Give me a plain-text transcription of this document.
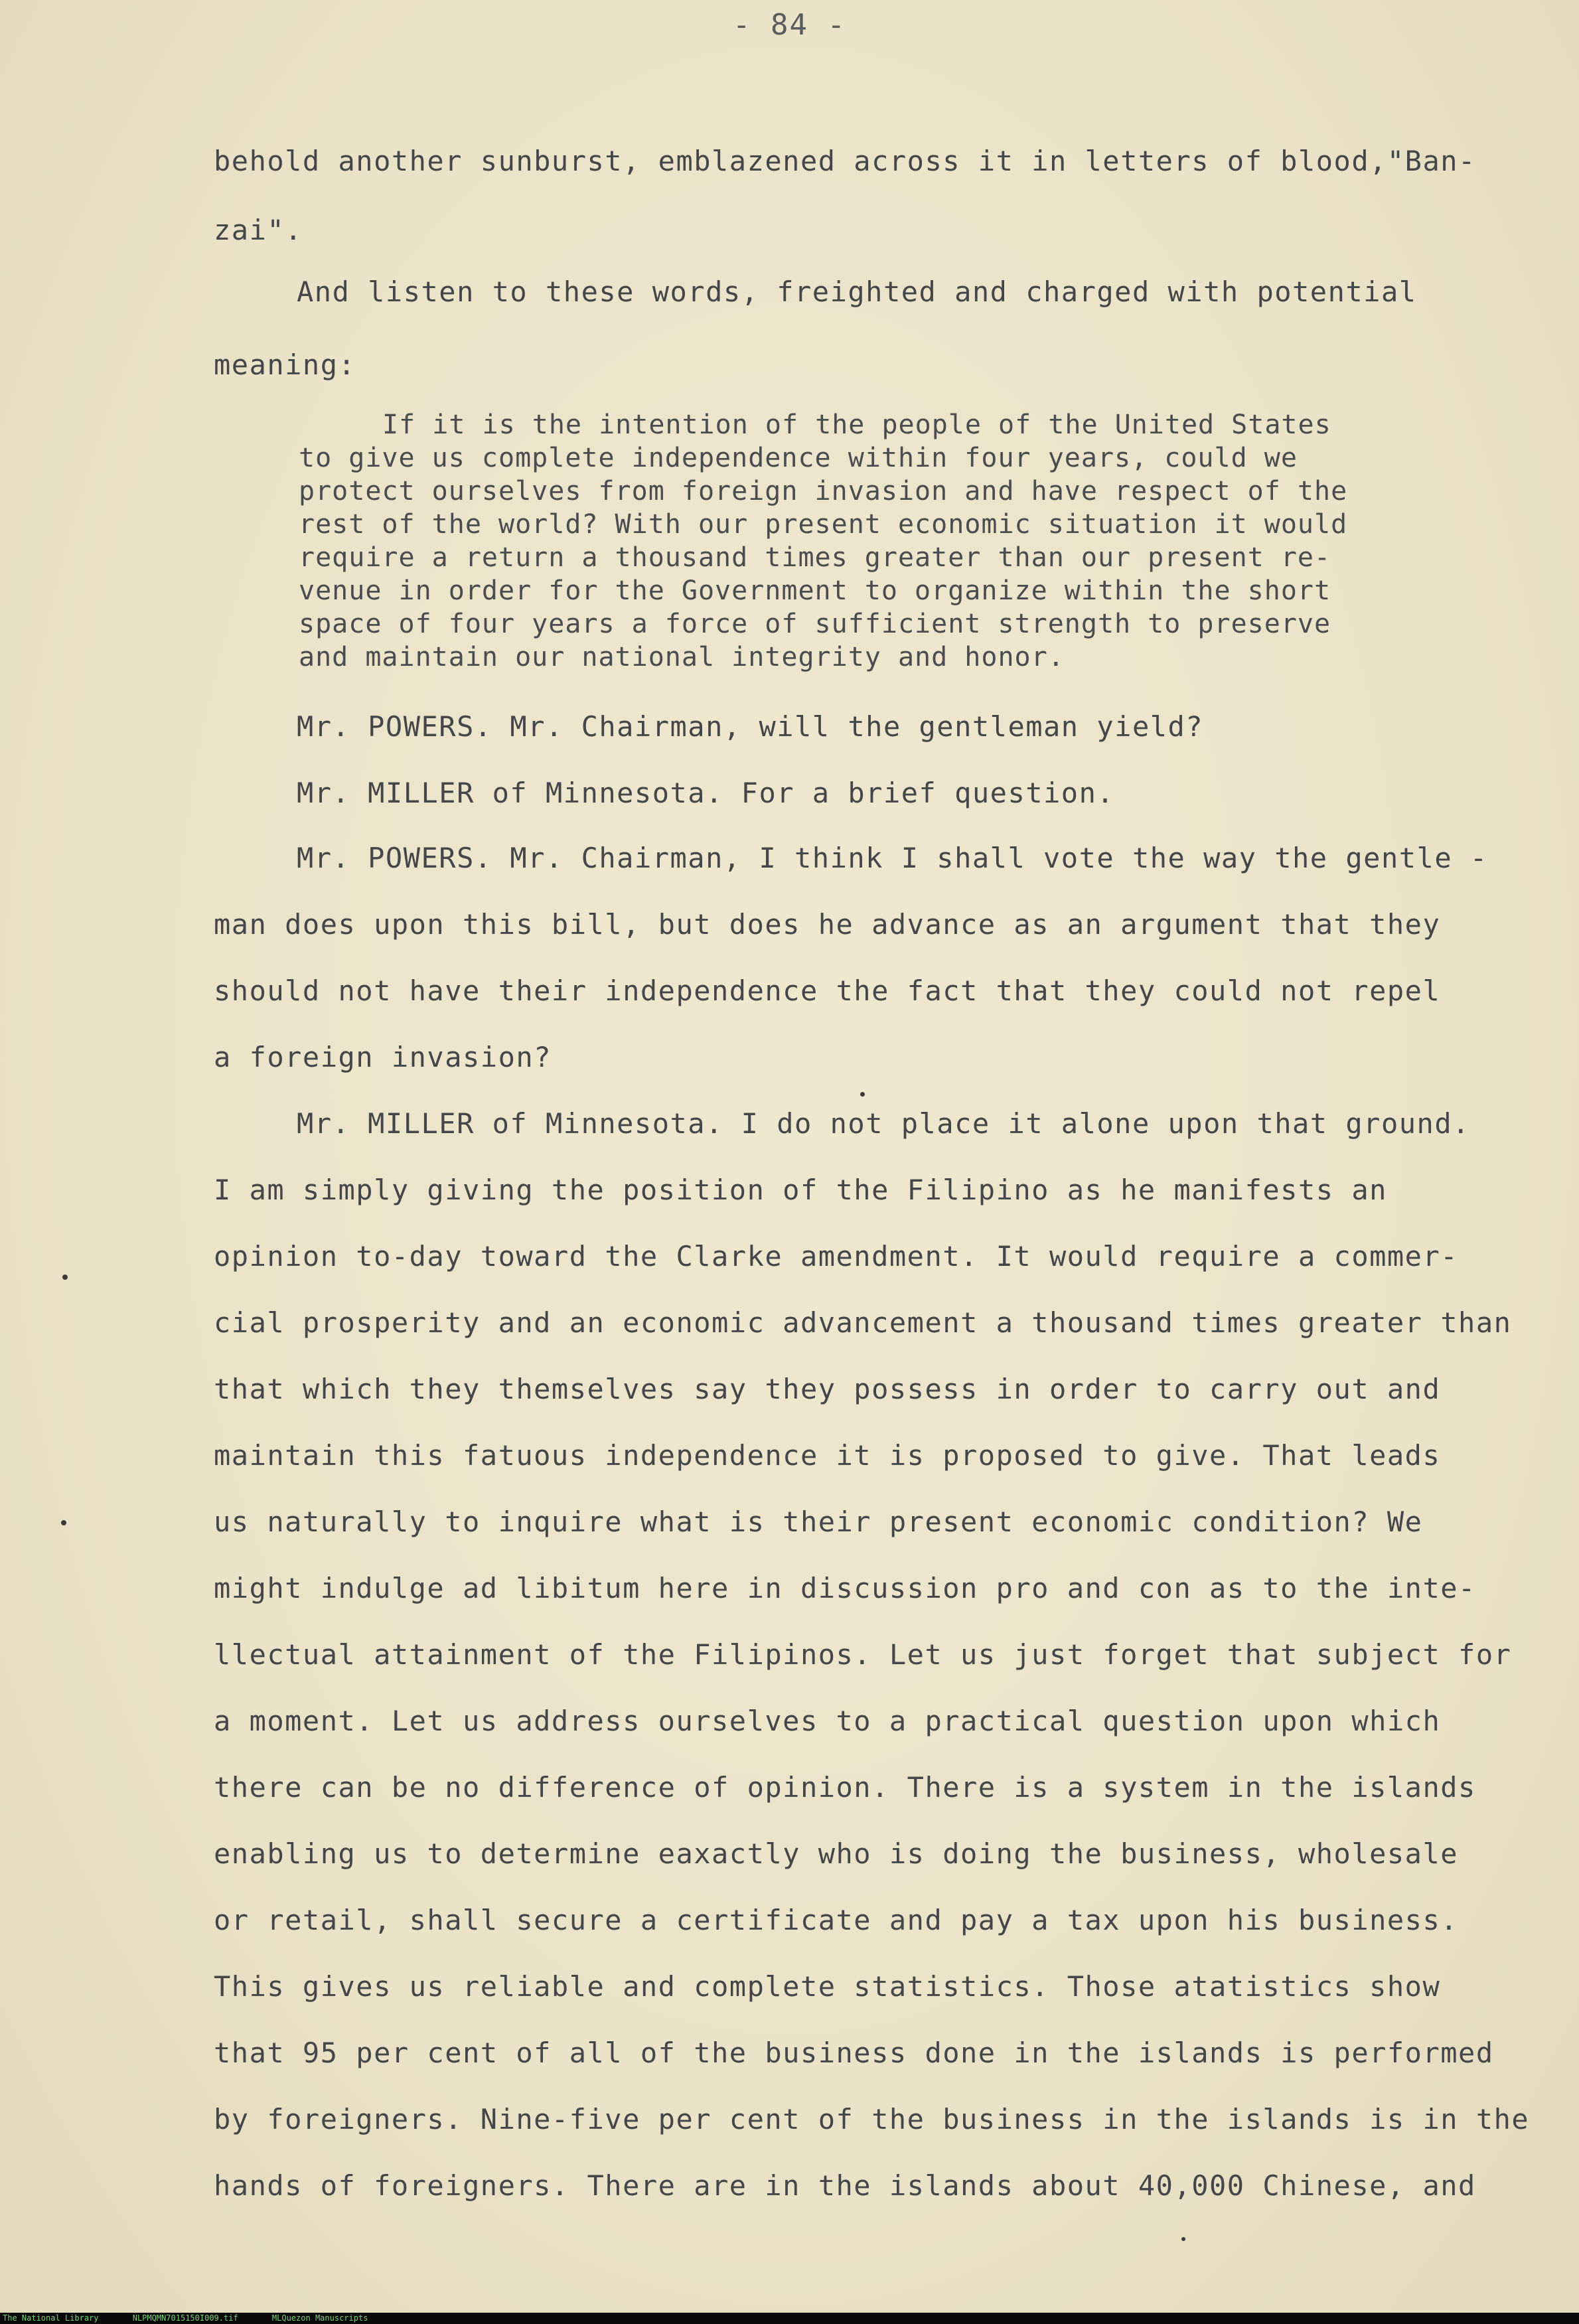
- 84 -

behold another sunburst, emblazened across it in letters of blood,"Ban-

zai".

And listen to these words, freighted and charged with potential

meaning:

If it is the intention of the people of the United States

to give us complete independence within four years, could we

protect ourselves from foreign invasion and have respect of the

rest of the world? With our present economic situation it would

require a return a thousand times greater than our present re-

venue in order for the Government to organize within the short

space of four years a force of sufficient strength to preserve

and maintain our national integrity and honor.

Mr. POWERS. Mr. Chairman, will the gentleman yield?

Mr. MILLER of Minnesota. For a brief question.

Mr. POWERS. Mr. Chairman, I think I shall vote the way the gentle -

man does upon this bill, but does he advance as an argument that they

should not have their independence the fact that they could not repel

a foreign invasion?

Mr. MILLER of Minnesota. I do not place it alone upon that ground.

I am simply giving the position of the Filipino as he manifests an

opinion to-day toward the Clarke amendment. It would require a commer-

cial prosperity and an economic advancement a thousand times greater than

that which they themselves say they possess in order to carry out and

maintain this fatuous independence it is proposed to give. That leads

us naturally to inquire what is their present economic condition? We

might indulge ad libitum here in discussion pro and con as to the inte-

llectual attainment of the Filipinos. Let us just forget that subject for

a moment. Let us address ourselves to a practical question upon which

there can be no difference of opinion. There is a system in the islands

enabling us to determine eaxactly who is doing the business, wholesale

or retail, shall secure a certificate and pay a tax upon his business.

This gives us reliable and complete statistics. Those atatistics show

that 95 per cent of all of the business done in the islands is performed

by foreigners. Nine-five per cent of the business in the islands is in the

hands of foreigners. There are in the islands about 40,000 Chinese, and

The National Library	NLPMQMN7015150I009.tif	MLQuezon Manuscripts
